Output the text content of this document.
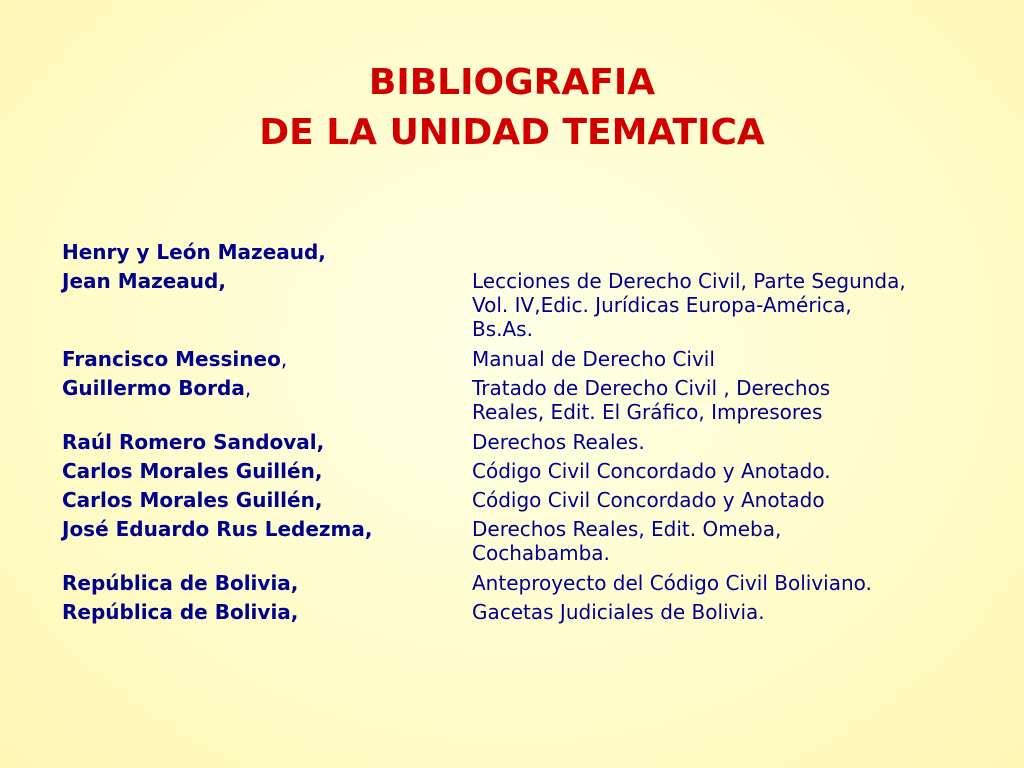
BIBLIOGRAFIA
DE LA UNIDAD TEMATICA
Henry y León Mazeaud,
Jean Mazeaud,	Lecciones de Derecho Civil, Parte Segunda,
Vol. IV,Edic. Jurídicas Europa-América,
Bs.As.
Francisco Messineo,	Manual de Derecho Civil
Guillermo Borda,	Tratado de Derecho Civil , Derechos
Reales, Edit. El Gráfico, Impresores
Raúl Romero Sandoval,	Derechos Reales.
Carlos Morales Guillén,	Código Civil Concordado y Anotado.
Carlos Morales Guillén,	Código Civil Concordado y Anotado
José Eduardo Rus Ledezma,	Derechos Reales, Edit. Omeba,
Cochabamba.
República de Bolivia,	Anteproyecto del Código Civil Boliviano.
República de Bolivia,	Gacetas Judiciales de Bolivia.
